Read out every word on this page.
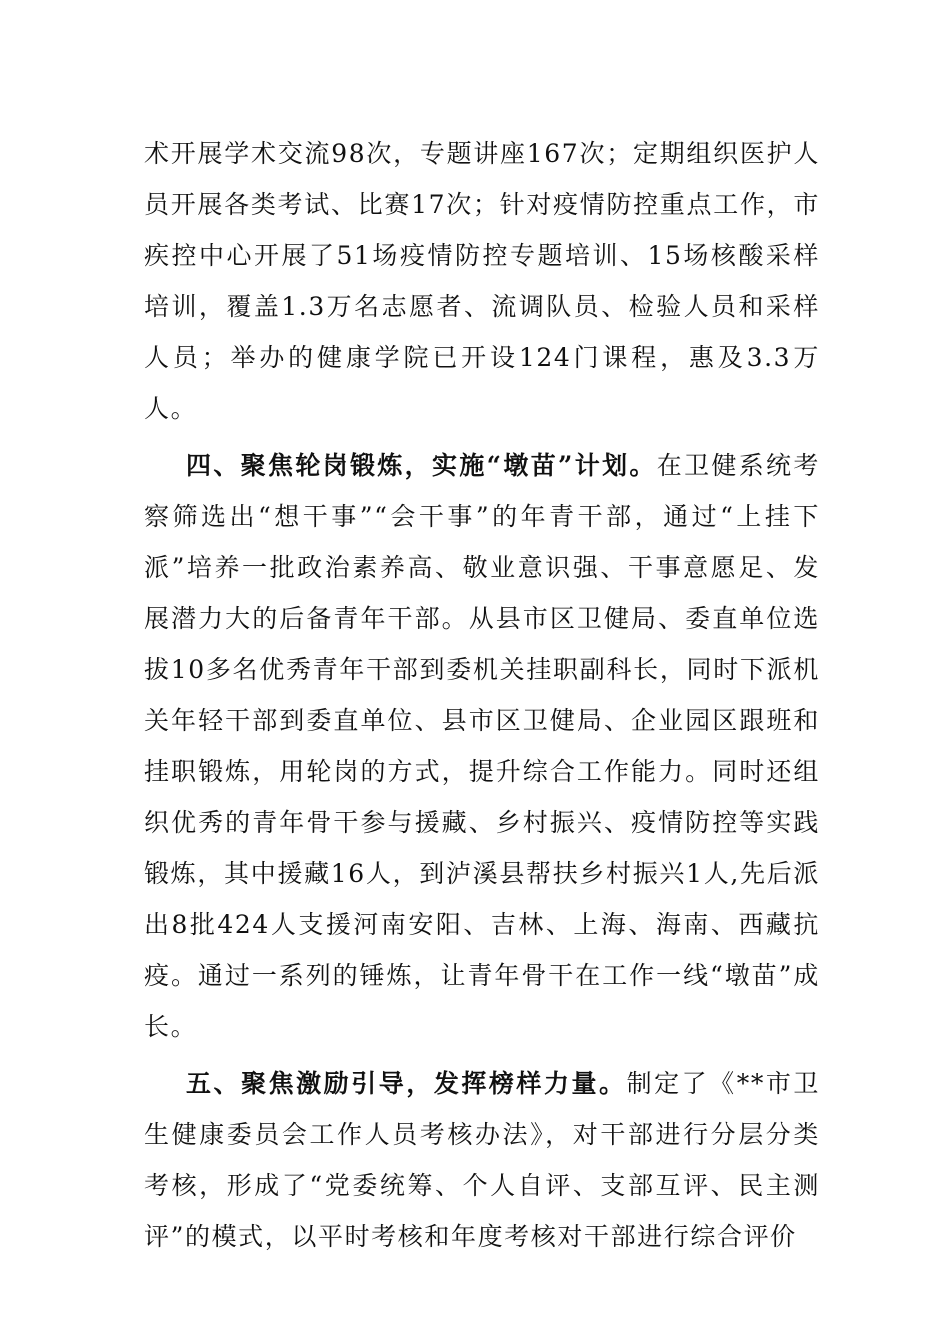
术开展学术交流98次，专题讲座167次；定期组织医护人员开展各类考试、比赛17次；针对疫情防控重点工作，市疾控中心开展了51场疫情防控专题培训、15场核酸采样培训，覆盖1.3万名志愿者、流调队员、检验人员和采样人员；举办的健康学院已开设124门课程，惠及3.3万人。

四、聚焦轮岗锻炼，实施“墩苗”计划。在卫健系统考察筛选出“想干事”“会干事”的年青干部，通过“上挂下派”培养一批政治素养高、敬业意识强、干事意愿足、发展潜力大的后备青年干部。从县市区卫健局、委直单位选拔10多名优秀青年干部到委机关挂职副科长，同时下派机关年轻干部到委直单位、县市区卫健局、企业园区跟班和挂职锻炼，用轮岗的方式，提升综合工作能力。同时还组织优秀的青年骨干参与援藏、乡村振兴、疫情防控等实践锻炼，其中援藏16人，到泸溪县帮扶乡村振兴1人,先后派出8批424人支援河南安阳、吉林、上海、海南、西藏抗疫。通过一系列的锤炼，让青年骨干在工作一线“墩苗”成长。

五、聚焦激励引导，发挥榜样力量。制定了《**市卫生健康委员会工作人员考核办法》，对干部进行分层分类考核，形成了“党委统筹、个人自评、支部互评、民主测评”的模式，以平时考核和年度考核对干部进行综合评价
